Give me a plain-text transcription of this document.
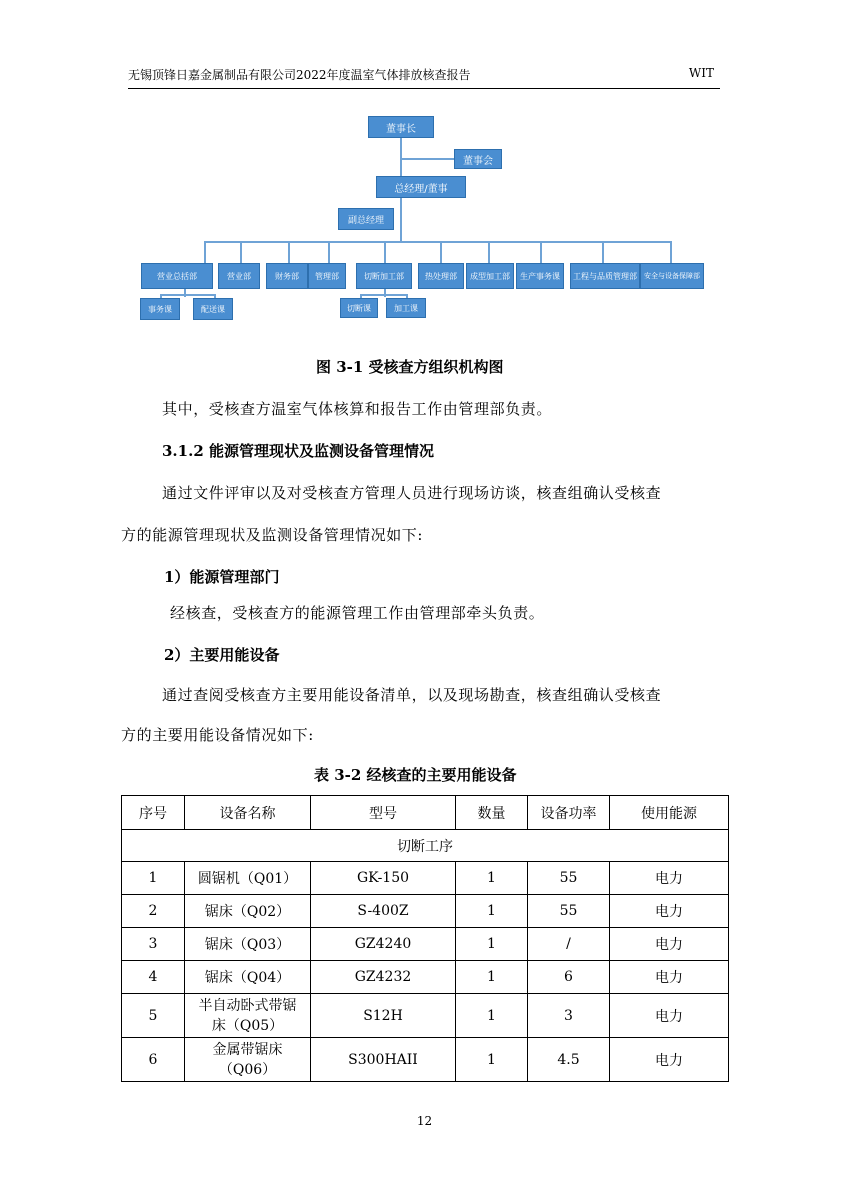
无锡顶锋日嘉金属制品有限公司2022年度温室气体排放核查报告	WIT
董事长
董事会
总经理/董事
副总经理
营业总括部	营业部	财务部	管理部	切断加工部	热处理部	成型加工部	生产事务课	工程与品质管理部	安全与设备保障部
事务课	配送课	切断课	加工课
图 3-1 受核查方组织机构图
其中，受核查方温室气体核算和报告工作由管理部负责。
3.1.2 能源管理现状及监测设备管理情况
通过文件评审以及对受核查方管理人员进行现场访谈，核查组确认受核查
方的能源管理现状及监测设备管理情况如下:
1）能源管理部门
经核查，受核查方的能源管理工作由管理部牵头负责。
2）主要用能设备
通过查阅受核查方主要用能设备清单，以及现场勘查，核查组确认受核查
方的主要用能设备情况如下:
表 3-2 经核查的主要用能设备
序号	设备名称	型号	数量	设备功率	使用能源
切断工序					
1	圆锯机（Q01）	GK-150	1	55	电力
2	锯床（Q02）	S-400Z	1	55	电力
3	锯床（Q03）	GZ4240	1	/	电力
4	锯床（Q04）	GZ4232	1	6	电力
5	半自动卧式带锯
床（Q05）	S12H	1	3	电力
6	金属带锯床
（Q06）	S300HAII	1	4.5	电力
12
